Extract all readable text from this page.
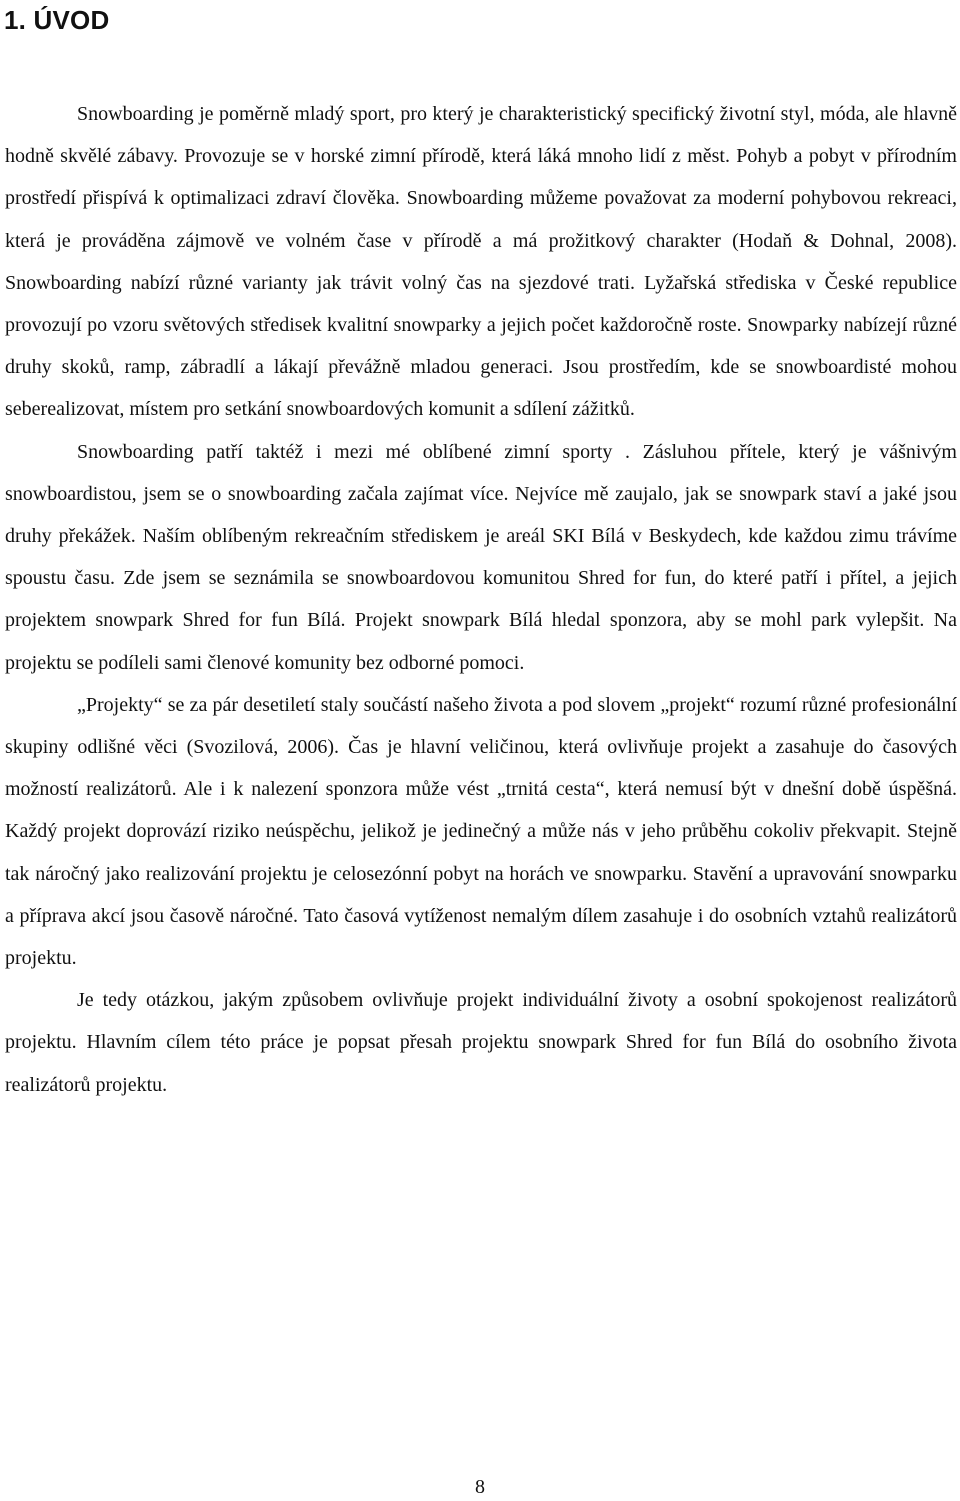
1. ÚVOD

Snowboarding je poměrně mladý sport, pro který je charakteristický specifický životní styl, móda, ale hlavně hodně skvělé zábavy. Provozuje se v horské zimní přírodě, která láká mnoho lidí z měst. Pohyb a pobyt v přírodním prostředí přispívá k optimalizaci zdraví člověka. Snowboarding můžeme považovat za moderní pohybovou rekreaci, která je prováděna zájmově ve volném čase v přírodě a má prožitkový charakter (Hodaň & Dohnal, 2008). Snowboarding nabízí různé varianty jak trávit volný čas na sjezdové trati. Lyžařská střediska v České republice provozují po vzoru světových středisek kvalitní snowparky a jejich počet každoročně roste. Snowparky nabízejí různé druhy skoků, ramp, zábradlí a lákají převážně mladou generaci. Jsou prostředím, kde se snowboardisté mohou seberealizovat, místem pro setkání snowboardových komunit a sdílení zážitků.

Snowboarding patří taktéž i mezi mé oblíbené zimní sporty . Zásluhou přítele, který je vášnivým snowboardistou, jsem se o snowboarding začala zajímat více. Nejvíce mě zaujalo, jak se snowpark staví a jaké jsou druhy překážek. Naším oblíbeným rekreačním střediskem je areál SKI Bílá v Beskydech, kde každou zimu trávíme spoustu času. Zde jsem se seznámila se snowboardovou komunitou Shred for fun, do které patří i přítel, a jejich projektem snowpark Shred for fun Bílá. Projekt snowpark Bílá hledal sponzora, aby se mohl park vylepšit. Na projektu se podíleli sami členové komunity bez odborné pomoci.

„Projekty“ se za pár desetiletí staly součástí našeho života a pod slovem „projekt“ rozumí různé profesionální skupiny odlišné věci (Svozilová, 2006). Čas je hlavní veličinou, která ovlivňuje projekt a zasahuje do časových možností realizátorů. Ale i k nalezení sponzora může vést „trnitá cesta“, která nemusí být v dnešní době úspěšná. Každý projekt doprovází riziko neúspěchu, jelikož je jedinečný a může nás v jeho průběhu cokoliv překvapit. Stejně tak náročný jako realizování projektu je celosezónní pobyt na horách ve snowparku. Stavění a upravování snowparku a příprava akcí jsou časově náročné. Tato časová vytíženost nemalým dílem zasahuje i do osobních vztahů realizátorů projektu.

Je tedy otázkou, jakým způsobem ovlivňuje projekt individuální životy a osobní spokojenost realizátorů projektu. Hlavním cílem této práce je popsat přesah projektu snowpark Shred for fun Bílá do osobního života realizátorů projektu.

8
